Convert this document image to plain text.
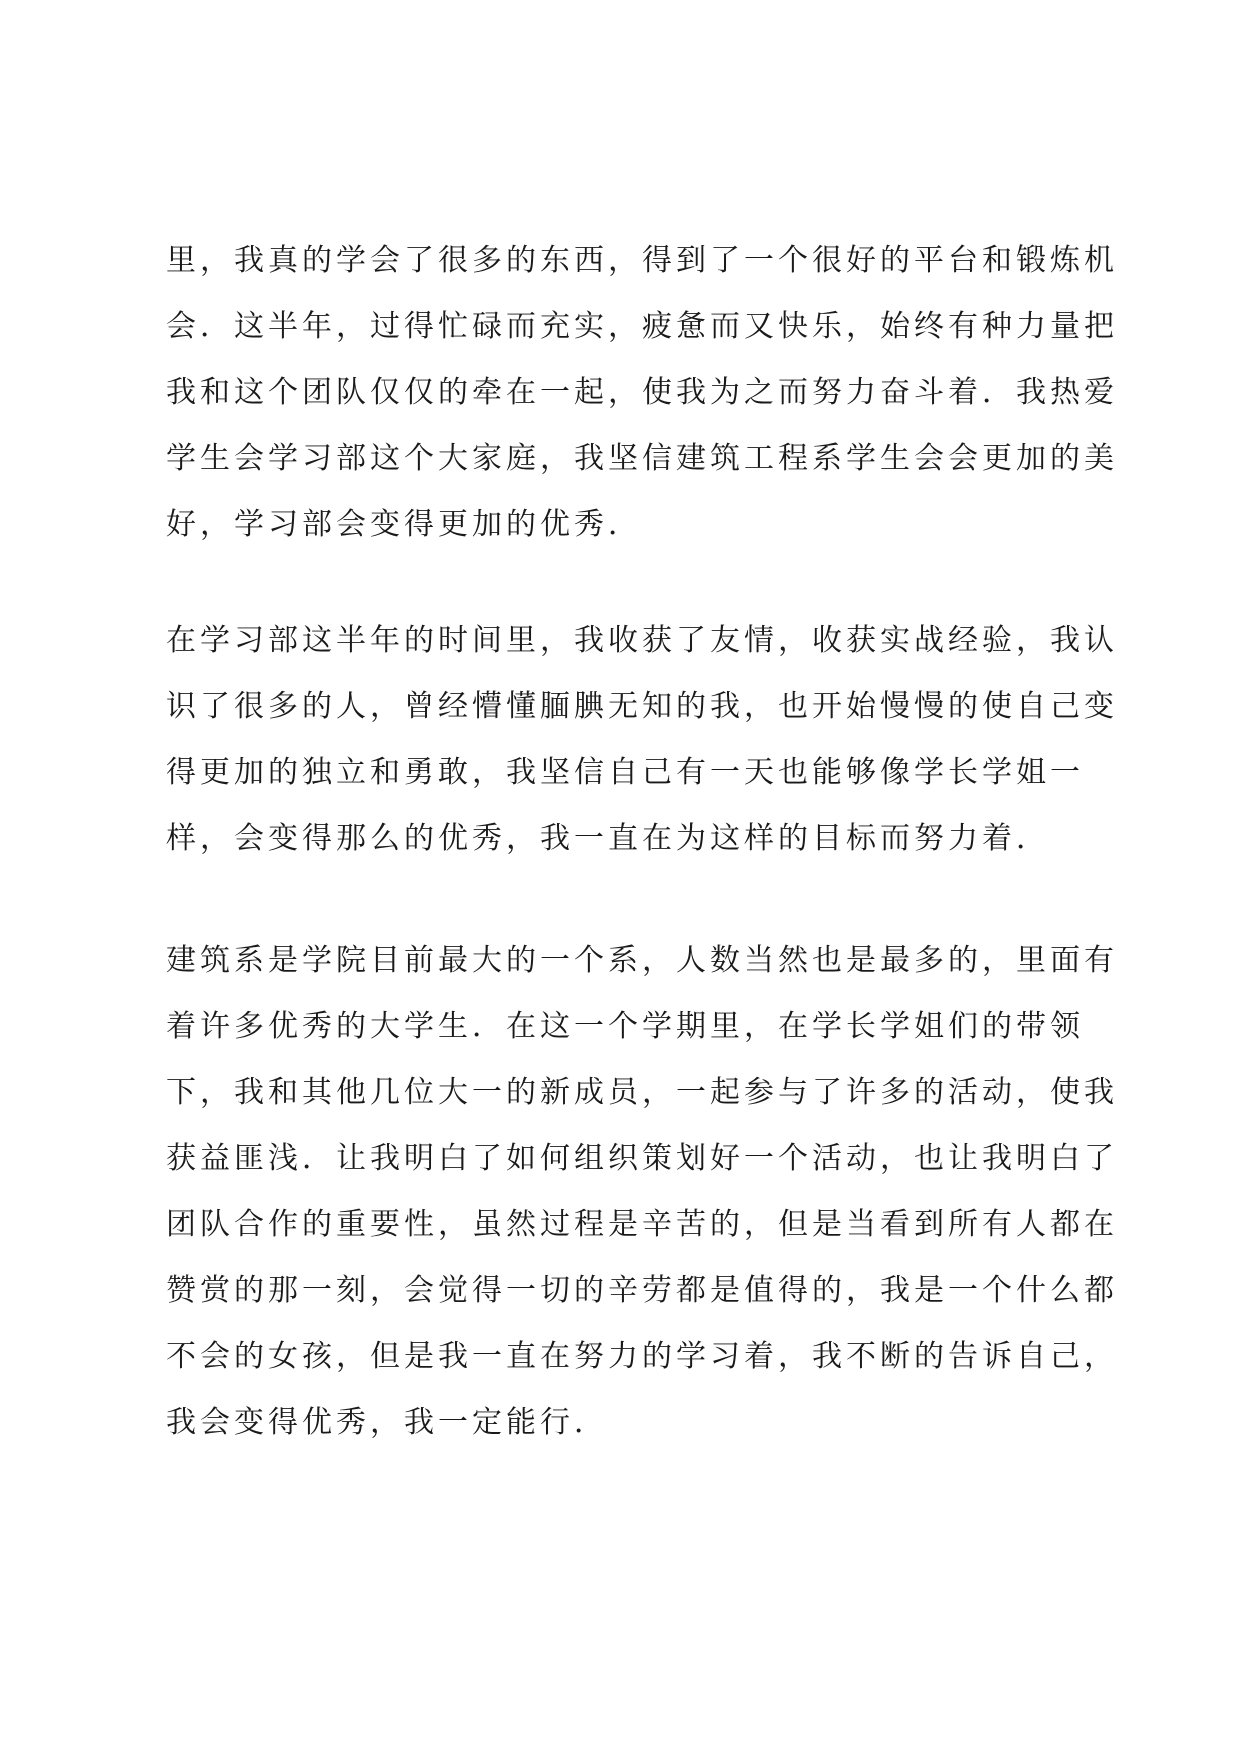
里，我真的学会了很多的东西，得到了一个很好的平台和锻炼机
会．这半年，过得忙碌而充实，疲惫而又快乐，始终有种力量把
我和这个团队仅仅的牵在一起，使我为之而努力奋斗着．我热爱
学生会学习部这个大家庭，我坚信建筑工程系学生会会更加的美
好，学习部会变得更加的优秀．
在学习部这半年的时间里，我收获了友情，收获实战经验，我认
识了很多的人，曾经懵懂腼腆无知的我，也开始慢慢的使自己变
得更加的独立和勇敢，我坚信自己有一天也能够像学长学姐一
样，会变得那么的优秀，我一直在为这样的目标而努力着．
建筑系是学院目前最大的一个系，人数当然也是最多的，里面有
着许多优秀的大学生．在这一个学期里，在学长学姐们的带领
下，我和其他几位大一的新成员，一起参与了许多的活动，使我
获益匪浅．让我明白了如何组织策划好一个活动，也让我明白了
团队合作的重要性，虽然过程是辛苦的，但是当看到所有人都在
赞赏的那一刻，会觉得一切的辛劳都是值得的，我是一个什么都
不会的女孩，但是我一直在努力的学习着，我不断的告诉自己，
我会变得优秀，我一定能行．
